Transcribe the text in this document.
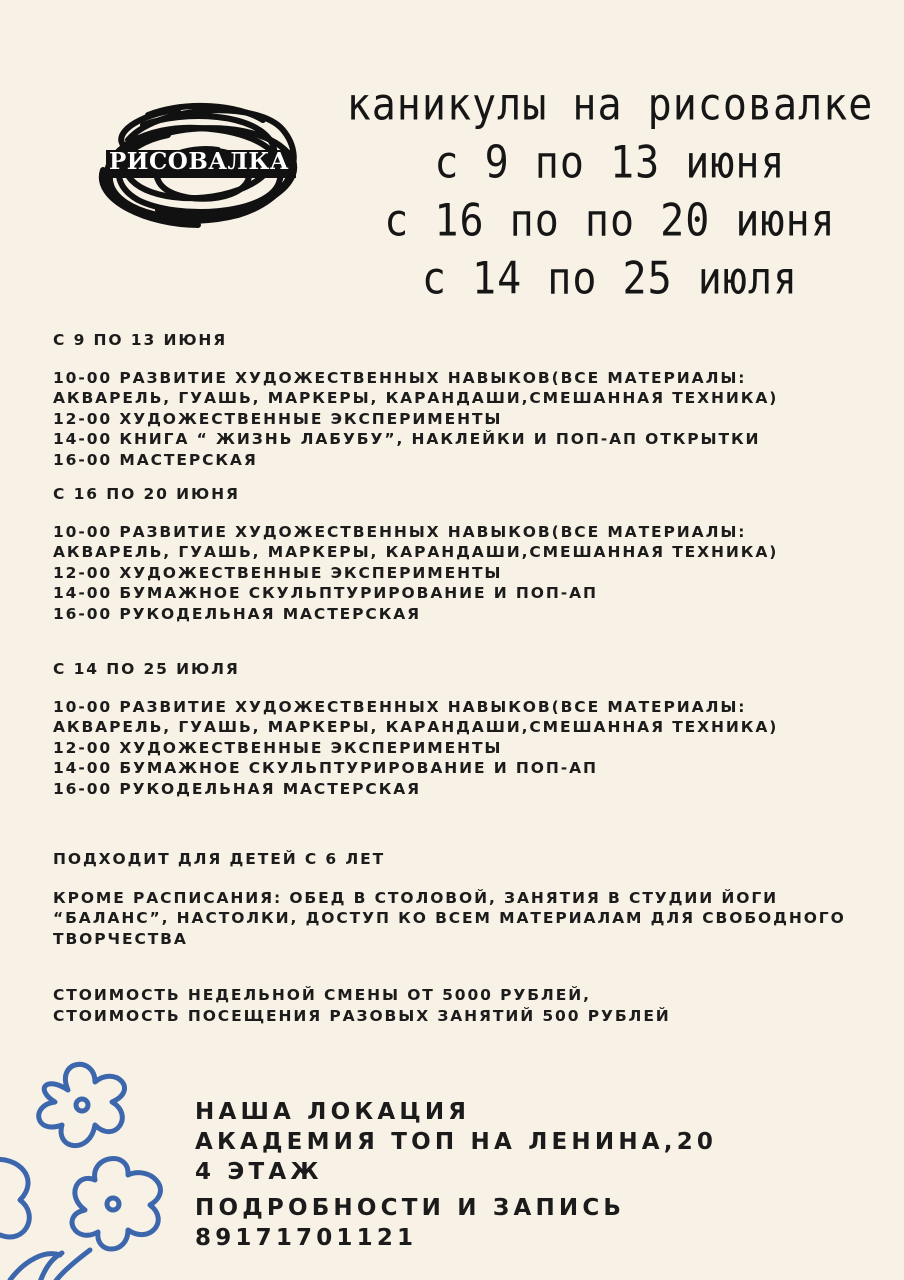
РИСОВАЛКА
каникулы на рисовалке
с 9 по 13 июня
с 16 по по 20 июня
с 14 по 25 июля
С 9 ПО 13 ИЮНЯ
10-00 РАЗВИТИЕ ХУДОЖЕСТВЕННЫХ НАВЫКОВ(ВСЕ МАТЕРИАЛЫ:
АКВАРЕЛЬ, ГУАШЬ, МАРКЕРЫ, КАРАНДАШИ,СМЕШАННАЯ ТЕХНИКА)
12-00 ХУДОЖЕСТВЕННЫЕ ЭКСПЕРИМЕНТЫ
14-00 КНИГА “ ЖИЗНЬ ЛАБУБУ”, НАКЛЕЙКИ И ПОП-АП ОТКРЫТКИ
16-00 МАСТЕРСКАЯ
С 16 ПО 20 ИЮНЯ
10-00 РАЗВИТИЕ ХУДОЖЕСТВЕННЫХ НАВЫКОВ(ВСЕ МАТЕРИАЛЫ:
АКВАРЕЛЬ, ГУАШЬ, МАРКЕРЫ, КАРАНДАШИ,СМЕШАННАЯ ТЕХНИКА)
12-00 ХУДОЖЕСТВЕННЫЕ ЭКСПЕРИМЕНТЫ
14-00 БУМАЖНОЕ СКУЛЬПТУРИРОВАНИЕ И ПОП-АП
16-00 РУКОДЕЛЬНАЯ МАСТЕРСКАЯ
С 14 ПО 25 ИЮЛЯ
10-00 РАЗВИТИЕ ХУДОЖЕСТВЕННЫХ НАВЫКОВ(ВСЕ МАТЕРИАЛЫ:
АКВАРЕЛЬ, ГУАШЬ, МАРКЕРЫ, КАРАНДАШИ,СМЕШАННАЯ ТЕХНИКА)
12-00 ХУДОЖЕСТВЕННЫЕ ЭКСПЕРИМЕНТЫ
14-00 БУМАЖНОЕ СКУЛЬПТУРИРОВАНИЕ И ПОП-АП
16-00 РУКОДЕЛЬНАЯ МАСТЕРСКАЯ
ПОДХОДИТ ДЛЯ ДЕТЕЙ С 6 ЛЕТ
КРОМЕ РАСПИСАНИЯ: ОБЕД В СТОЛОВОЙ, ЗАНЯТИЯ В СТУДИИ ЙОГИ
“БАЛАНС”, НАСТОЛКИ, ДОСТУП КО ВСЕМ МАТЕРИАЛАМ ДЛЯ СВОБОДНОГО
ТВОРЧЕСТВА
СТОИМОСТЬ НЕДЕЛЬНОЙ СМЕНЫ ОТ 5000 РУБЛЕЙ,
СТОИМОСТЬ ПОСЕЩЕНИЯ РАЗОВЫХ ЗАНЯТИЙ 500 РУБЛЕЙ
НАША ЛОКАЦИЯ
АКАДЕМИЯ ТОП НА ЛЕНИНА,20
4 ЭТАЖ
ПОДРОБНОСТИ И ЗАПИСЬ
89171701121
